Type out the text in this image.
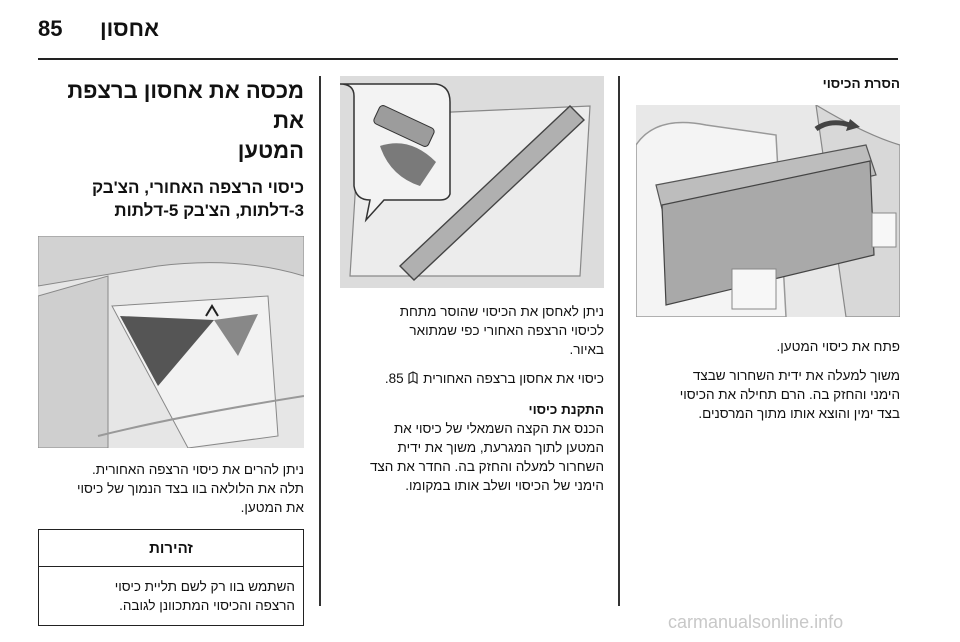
85 אחסון
הסרת הכיסוי
פתח את כיסוי המטען.
משוך למעלה את ידית השחרור שבצד
הימני והחזק בה. הרם תחילה את הכיסוי
בצד ימין והוצא אותו מתוך המרסנים.
ניתן לאחסן את הכיסוי שהוסר מתחת
לכיסוי הרצפה האחורי כפי שמתואר
באיור.
כיסוי את אחסון ברצפה האחורית  85.
התקנת כיסוי
הכנס את הקצה השמאלי של כיסוי את
המטען לתוך המגרעת, משוך את ידית
השחרור למעלה והחזק בה. החדר את הצד
הימני של הכיסוי ושלב אותו במקומו.
מכסה את אחסון ברצפת את
המטען
כיסוי הרצפה האחורי, הצ'בק
3-דלתות, הצ'בק 5-דלתות
ניתן להרים את כיסוי הרצפה האחורית.
תלה את הלולאה בוו בצד הנמוך של כיסוי
את המטען.
זהירות
השתמש בוו רק לשם תליית כיסוי
הרצפה והכיסוי המתכוונן לגובה.
carmanualsonline.info
